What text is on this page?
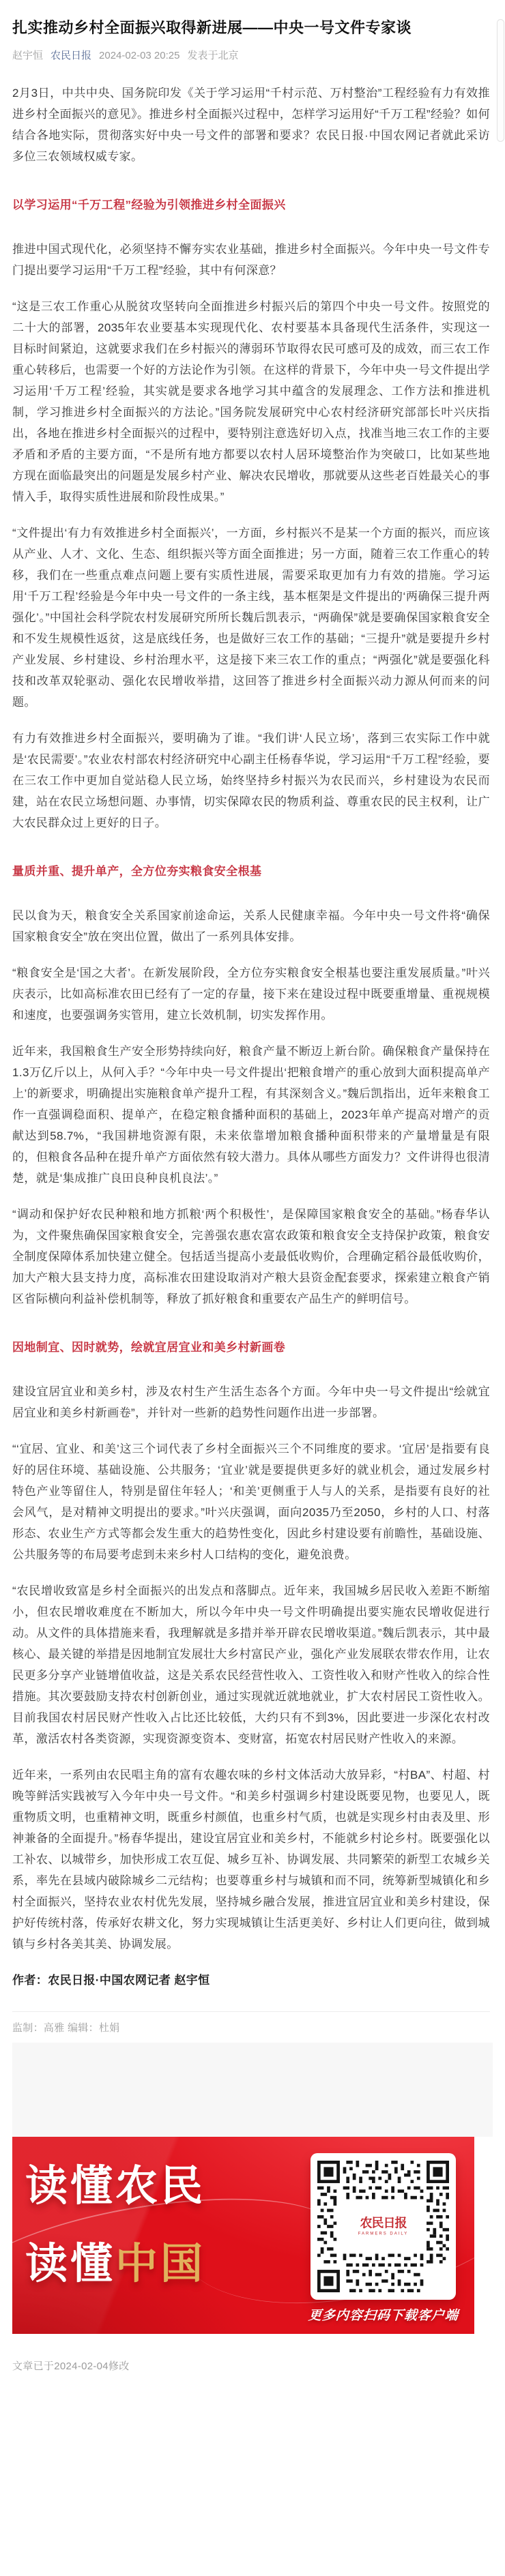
扎实推动乡村全面振兴取得新进展——中央一号文件专家谈
赵宇恒 农民日报 2024-02-03 20:25 发表于北京

2月3日，中共中央、国务院印发《关于学习运用“千村示范、万村整治”工程经验有力有效推进乡村全面振兴的意见》。推进乡村全面振兴过程中，怎样学习运用好“千万工程”经验？如何结合各地实际，贯彻落实好中央一号文件的部署和要求？农民日报·中国农网记者就此采访多位三农领域权威专家。

以学习运用“千万工程”经验为引领推进乡村全面振兴

推进中国式现代化，必须坚持不懈夯实农业基础，推进乡村全面振兴。今年中央一号文件专门提出要学习运用“千万工程”经验，其中有何深意？

“这是三农工作重心从脱贫攻坚转向全面推进乡村振兴后的第四个中央一号文件。按照党的二十大的部署，2035年农业要基本实现现代化、农村要基本具备现代生活条件，实现这一目标时间紧迫，这就要求我们在乡村振兴的薄弱环节取得农民可感可及的成效，而三农工作重心转移后，也需要一个好的方法论作为引领。在这样的背景下，今年中央一号文件提出学习运用‘千万工程’经验，其实就是要求各地学习其中蕴含的发展理念、工作方法和推进机制，学习推进乡村全面振兴的方法论。”国务院发展研究中心农村经济研究部部长叶兴庆指出，各地在推进乡村全面振兴的过程中，要特别注意选好切入点，找准当地三农工作的主要矛盾和矛盾的主要方面，“不是所有地方都要以农村人居环境整治作为突破口，比如某些地方现在面临最突出的问题是发展乡村产业、解决农民增收，那就要从这些老百姓最关心的事情入手，取得实质性进展和阶段性成果。”

“文件提出‘有力有效推进乡村全面振兴’，一方面，乡村振兴不是某一个方面的振兴，而应该从产业、人才、文化、生态、组织振兴等方面全面推进；另一方面，随着三农工作重心的转移，我们在一些重点难点问题上要有实质性进展，需要采取更加有力有效的措施。学习运用‘千万工程’经验是今年中央一号文件的一条主线，基本框架是文件提出的‘两确保三提升两强化’。”中国社会科学院农村发展研究所所长魏后凯表示，“两确保”就是要确保国家粮食安全和不发生规模性返贫，这是底线任务，也是做好三农工作的基础；“三提升”就是要提升乡村产业发展、乡村建设、乡村治理水平，这是接下来三农工作的重点；“两强化”就是要强化科技和改革双轮驱动、强化农民增收举措，这回答了推进乡村全面振兴动力源从何而来的问题。

有力有效推进乡村全面振兴，要明确为了谁。“我们讲‘人民立场’，落到三农实际工作中就是‘农民需要’。”农业农村部农村经济研究中心副主任杨春华说，学习运用“千万工程”经验，要在三农工作中更加自觉站稳人民立场，始终坚持乡村振兴为农民而兴，乡村建设为农民而建，站在农民立场想问题、办事情，切实保障农民的物质利益、尊重农民的民主权利，让广大农民群众过上更好的日子。

量质并重、提升单产，全方位夯实粮食安全根基

民以食为天，粮食安全关系国家前途命运，关系人民健康幸福。今年中央一号文件将“确保国家粮食安全”放在突出位置，做出了一系列具体安排。

“粮食安全是‘国之大者’。在新发展阶段，全方位夯实粮食安全根基也要注重发展质量。”叶兴庆表示，比如高标准农田已经有了一定的存量，接下来在建设过程中既要重增量、重视规模和速度，也要强调务实管用，建立长效机制，切实发挥作用。

近年来，我国粮食生产安全形势持续向好，粮食产量不断迈上新台阶。确保粮食产量保持在1.3万亿斤以上，从何入手？“今年中央一号文件提出‘把粮食增产的重心放到大面积提高单产上’的新要求，明确提出实施粮食单产提升工程，有其深刻含义。”魏后凯指出，近年来粮食工作一直强调稳面积、提单产，在稳定粮食播种面积的基础上，2023年单产提高对增产的贡献达到58.7%，“我国耕地资源有限，未来依靠增加粮食播种面积带来的产量增量是有限的，但粮食各品种在提升单产方面依然有较大潜力。具体从哪些方面发力？文件讲得也很清楚，就是‘集成推广良田良种良机良法’。”

“调动和保护好农民种粮和地方抓粮‘两个积极性’，是保障国家粮食安全的基础。”杨春华认为，文件聚焦确保国家粮食安全，完善强农惠农富农政策和粮食安全支持保护政策，粮食安全制度保障体系加快建立健全。包括适当提高小麦最低收购价，合理确定稻谷最低收购价，加大产粮大县支持力度，高标准农田建设取消对产粮大县资金配套要求，探索建立粮食产销区省际横向利益补偿机制等，释放了抓好粮食和重要农产品生产的鲜明信号。

因地制宜、因时就势，绘就宜居宜业和美乡村新画卷

建设宜居宜业和美乡村，涉及农村生产生活生态各个方面。今年中央一号文件提出“绘就宜居宜业和美乡村新画卷”，并针对一些新的趋势性问题作出进一步部署。

“‘宜居、宜业、和美’这三个词代表了乡村全面振兴三个不同维度的要求。‘宜居’是指要有良好的居住环境、基础设施、公共服务；‘宜业’就是要提供更多好的就业机会，通过发展乡村特色产业等留住人，特别是留住年轻人；‘和美’更侧重于人与人的关系，是指要有良好的社会风气，是对精神文明提出的要求。”叶兴庆强调，面向2035乃至2050，乡村的人口、村落形态、农业生产方式等都会发生重大的趋势性变化，因此乡村建设要有前瞻性，基础设施、公共服务等的布局要考虑到未来乡村人口结构的变化，避免浪费。

“农民增收致富是乡村全面振兴的出发点和落脚点。近年来，我国城乡居民收入差距不断缩小，但农民增收难度在不断加大，所以今年中央一号文件明确提出要实施农民增收促进行动。从文件的具体措施来看，我理解就是多措并举开辟农民增收渠道。”魏后凯表示，其中最核心、最关键的举措是因地制宜发展壮大乡村富民产业，强化产业发展联农带农作用，让农民更多分享产业链增值收益，这是关系农民经营性收入、工资性收入和财产性收入的综合性措施。其次要鼓励支持农村创新创业，通过实现就近就地就业，扩大农村居民工资性收入。目前我国农村居民财产性收入占比还比较低，大约只有不到3%，因此要进一步深化农村改革，激活农村各类资源，实现资源变资本、变财富，拓宽农村居民财产性收入的来源。

近年来，一系列由农民唱主角的富有农趣农味的乡村文体活动大放异彩，“村BA”、村超、村晚等鲜活实践被写入今年中央一号文件。“和美乡村强调乡村建设既要见物，也要见人，既重物质文明，也重精神文明，既重乡村颜值，也重乡村气质，也就是实现乡村由表及里、形神兼备的全面提升。”杨春华提出，建设宜居宜业和美乡村，不能就乡村论乡村。既要强化以工补农、以城带乡，加快形成工农互促、城乡互补、协调发展、共同繁荣的新型工农城乡关系，率先在县域内破除城乡二元结构；也要尊重乡村与城镇和而不同，统筹新型城镇化和乡村全面振兴，坚持农业农村优先发展，坚持城乡融合发展，推进宜居宜业和美乡村建设，保护好传统村落，传承好农耕文化，努力实现城镇让生活更美好、乡村让人们更向往，做到城镇与乡村各美其美、协调发展。

作者：农民日报·中国农网记者 赵宇恒

监制：高雅 编辑：杜娟
读懂农民
读懂中国
农民日报
FARMERS DAILY
更多内容扫码下载客户端
文章已于2024-02-04修改
